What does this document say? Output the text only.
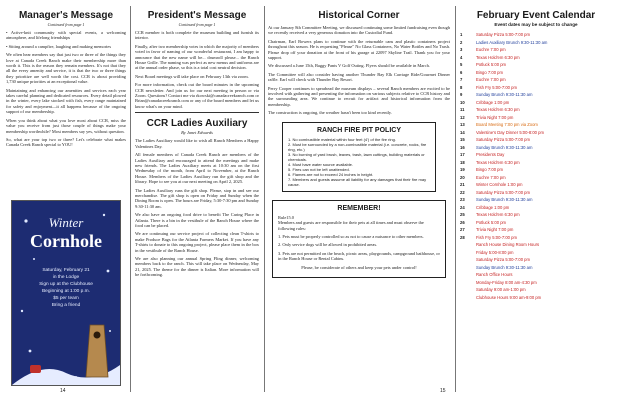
Manager's Message
Continued from page 1

• Active-knit community with special events, a welcoming atmosphere, and lifelong friendships

• Sitting around a campfire, laughing and making memories

We often hear members say that just two or three of the things they love at Canada Creek Ranch make their membership more than worth it. This is the reason they remain members. It's not that they all the every amenity and service, it is that the two or three things they prioritize are well worth the cost. CCR is about providing 1,730 unique priorities at an exceptional value.

Maintaining and enhancing our amenities and services each year takes careful planning and dedicated resources. Every detail plowed in the winter, every lake stocked with fish, every range maintained for safety and enjoyment—it all happens because of the ongoing support of our membership.

When you think about what you love most about CCR, miss the value you receive from just those couple of things make your membership worthwhile? Most members say yes, without question.

So, what are your top two or three? Let's celebrate what makes Canada Creek Ranch special to YOU!

Winter
Cornhole
Saturday, February 21
in the Lodge
Sign up at the Clubhouse
Beginning at 1:00 p.m.
$5 per team
Bring a friend
14
President's Message
Continued from page 1

CCR member is both complete the museum building and furnish its interior.

Finally, after two membership votes in which the majority of members voted in favor of naming of our wonderful restaurant, I am happy to announce that the new name will be... drumroll please... the Ranch House Grille. The naming was perfect as new menus and uniforms are at the annual order phase, so this is a total cost neutral decision.

Next Board meetings will take place on February 13th via zoom.

For more information, check out the board minutes in the upcoming CCR newsletter. And join us for our next meeting in person or via Zoom. Questions? Contact me via rkowski@canadacreekranch.com or Brian@canadacreekranch.com or any of the board members and let us know what's on your mind.

CCR Ladies Auxiliary
By Janet Edwards

The Ladies Auxiliary would like to wish all Ranch Members a Happy Valentines Day.

All female members of Canada Creek Ranch are members of the Ladies Auxiliary and encouraged to attend the meetings and make new friends. The Ladies Auxiliary meets at 10:30 am on the first Wednesday of the month, from April to November, at the Ranch House. Members of the Ladies Auxiliary run the gift shop and the library. Hope to see you at our next meeting on April 2, 2025.

The Ladies Auxiliary runs the gift shop. Please, stop in and see our merchandise. The gift shop is open on Friday and Sunday when the Dining Room is open. The hours are Friday, 5:30-7:30 pm and Sunday 9:30-11:30 am.

We also have an ongoing food drive to benefit The Caring Place in Atlanta. There is a bin in the vestibule of the Ranch House where the food can be placed.

We are continuing our service project of collecting clean T-shirts to make Produce Bags for the Atlanta Farmers Market. If you have any T-shirts to donate to this ongoing project, please place them in the box in the vestibule of the Ranch House.

We are also planning our annual Spring Fling dinner, welcoming members back to the ranch. This will take place on Wednesday, May 21, 2025. The theme for the dinner is Italian. More information will be forthcoming.

Historical Corner

At our January 8th Committee Meeting, we discussed continuing some limited fundraising even though we recently received a very generous donation into the Custodial Fund.

Chairman, Earl Bowers plans to continue with the returnable cans and plastic containers project throughout this season. He is requesting "Please" No Glass Containers, No Water Bottles and No Trash. Please drop off your donation at the front of his garage at 22097 Skyline Trail. Thank you for your support.

We discussed a June 15th, Baggy Pants V Golf Outing. Flyers should be available in March.

The Committee will also consider having another Thunder Bay Elk Carriage Ride/Gourmet Dinner raffle. Earl will check with Thunder Bay Resort.

Perry Cooper continues to spearhead the museum displays – several Ranch members are excited to be involved with gathering and presenting the information on various subjects relative to CCR history and the surrounding area. We continue to recruit for artifact and historical information from the membership.

The construction is ongoing, the weather hasn't been too kind recently.

RANCH FIRE PIT POLICY
1. No combustible material within four feet (4') of the fire ring.
2. Must be surrounded by a non-combustible material (i.e. concrete, rocks, fire ring, etc.)
3. No burning of yard brush, leaves, trash, lawn cuttings, building materials or chemicals.
4. Must have water source available.
5. Fires can not be left unattended.
6. Flames are not to exceed 24 inches in height.
7. Members and guests assume all liability for any damages that their fire may cause.
REMEMBER!
Rule15.0

Members and guests are responsible for their pets at all times and must observe the following rules:

1. Pets must be properly controlled so as not to cause a nuisance to other members.

2. Only service dogs will be allowed in prohibited areas.

3. Pets are not permitted on the beach, picnic areas, playgrounds, campground bathhouse, or in the Ranch House or Rental Cabins.

Please, be considerate of others and keep your pets under control!

15
February Event Calendar
Event dates may be subject to change
1	Saturday Pizza 5:00-7:00 pm
2	Ladies Auxiliary Brunch 9:30-11:30 am
3	Euchre 7:00 pm
4	Texas Hold'em 6:30 pm
5	Potluck 5:00 pm
6	Bingo 7:00 pm
7	Euchre 7:00 pm
8	Fish Fry 5:00-7:00 pm
9	Sunday Brunch 9:30-11:30 am
10	Cribbage 1:00 pm
11	Texas Hold'em 6:30 pm
12	Trivia Night 7:00 pm
13	Board Meeting 7:00 pm via Zoom
14	Valentine's Day Dinner 5:00-8:00 pm
15	Saturday Pizza 5:00-7:00 pm
16	Sunday Brunch 9:30-11:30 am
17	Presidents Day
18	Texas Hold'em 6:30 pm
19	Bingo 7:00 pm
20	Euchre 7:00 pm
21	Winter Cornhole 1:00 pm
22	Saturday Pizza 5:00-7:00 pm
23	Sunday Brunch 9:30-11:30 am
24	Cribbage 1:00 pm
25	Texas Hold'em 6:30 pm
26	Potluck 5:00 pm
27	Trivia Night 7:00 pm
28	Fish Fry 5:00-7:00 pm
Ranch House Dining Room Hours
Friday 5:00-8:00 pm
Saturday Pizza 5:00-7:00 pm
Sunday Brunch 9:30-11:30 am
Ranch Office Hours
Monday-Friday 8:00 am-4:30 pm
Saturday 9:00 am-1:00 pm
Clubhouse Hours 9:00 am-9:00 pm
